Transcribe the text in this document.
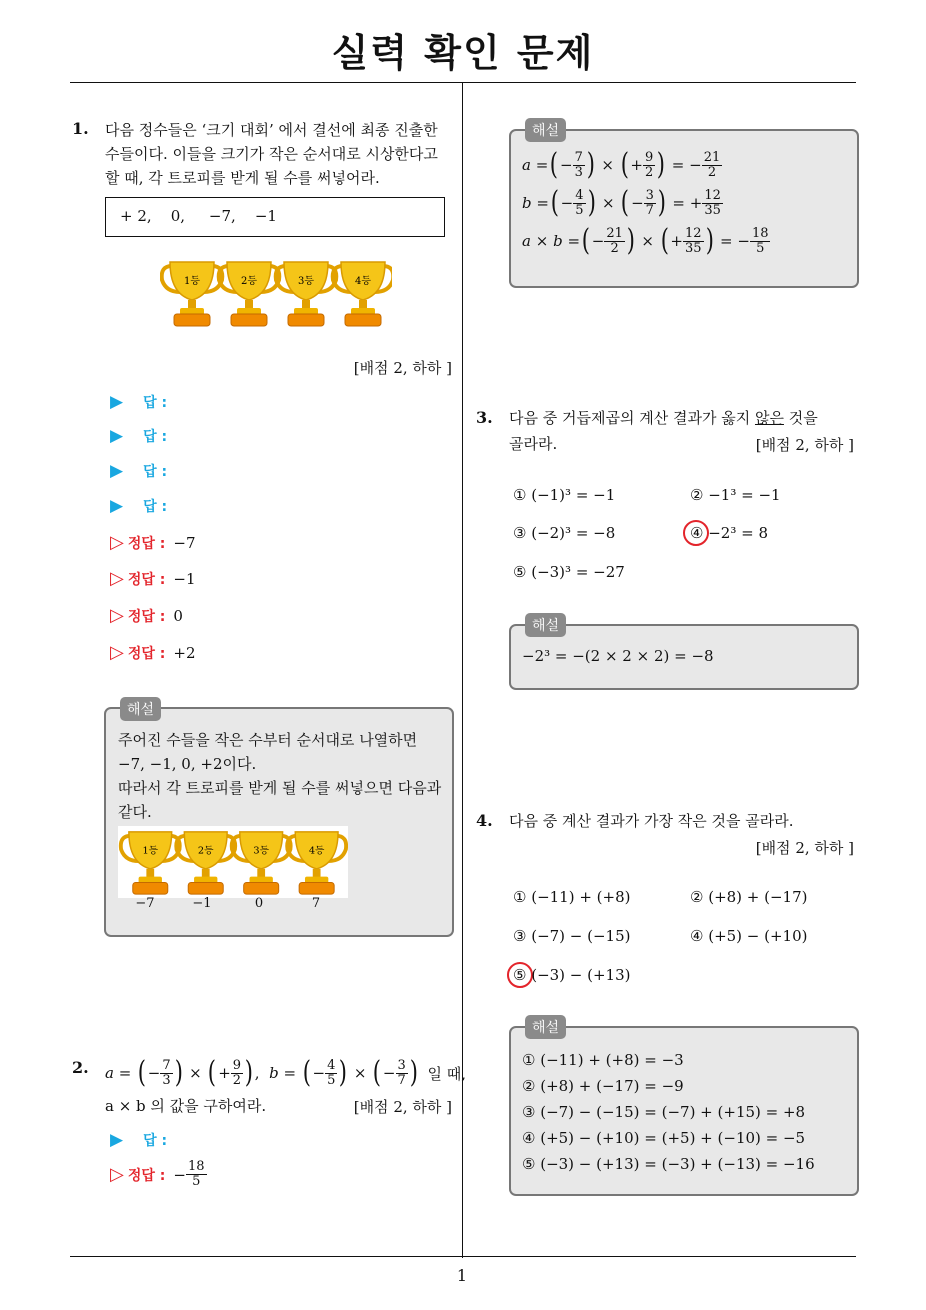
실력 확인 문제
1
1. 다음 정수들은 ‘크기 대회’ 에서 결선에 최종 진출한
수들이다. 이들을 크기가 작은 순서대로 시상한다고
할 때, 각 트로피를 받게 될 수를 써넣어라.
+ 2,    0,     −7,    −1
1등	2등	3등	4등
[배점 2, 하하 ]
▶ 답 :
▶ 답 :
▶ 답 :
▶ 답 :
▷ 정답 : −7
▷ 정답 : −1
▷ 정답 : 0
▷ 정답 : +2
해설
주어진 수들을 작은 수부터 순서대로 나열하면
−7, −1, 0, +2이다.
따라서 각 트로피를 받게 될 수를 써넣으면 다음과
같다.
1등	2등	3등	4등
−7	−1	0	7
2. a = ( − $\frac{7}{3}$ ) × ( + $\frac{9}{2}$ ) ,  b = ( − $\frac{4}{5}$ ) × ( − $\frac{3}{7}$ ) 일 때,
a × b 의 값을 구하여라.	[배점 2, 하하 ]
▶ 답 :
▷ 정답 : − $\frac{18}{5}$
해설
a = ( − $\frac{7}{3}$ ) × ( + $\frac{9}{2}$ ) = − $\frac{21}{2}$
b = ( − $\frac{4}{5}$ ) × ( − $\frac{3}{7}$ ) = + $\frac{12}{35}$
a × b = ( − $\frac{21}{2}$ ) × ( + $\frac{12}{35}$ ) = − $\frac{18}{5}$
3. 다음 중 거듭제곱의 계산 결과가 옳지 않은 것을
골라라.	[배점 2, 하하 ]
① (−1)³ = −1	② −1³ = −1
③ (−2)³ = −8	④ −2³ = 8
⑤ (−3)³ = −27
해설
−2³ = −(2 × 2 × 2) = −8
4. 다음 중 계산 결과가 가장 작은 것을 골라라.
[배점 2, 하하 ]
① (−11) + (+8)	② (+8) + (−17)
③ (−7) − (−15)	④ (+5) − (+10)
⑤ (−3) − (+13)
해설
① (−11) + (+8) = −3
② (+8) + (−17) = −9
③ (−7) − (−15) = (−7) + (+15) = +8
④ (+5) − (+10) = (+5) + (−10) = −5
⑤ (−3) − (+13) = (−3) + (−13) = −16
